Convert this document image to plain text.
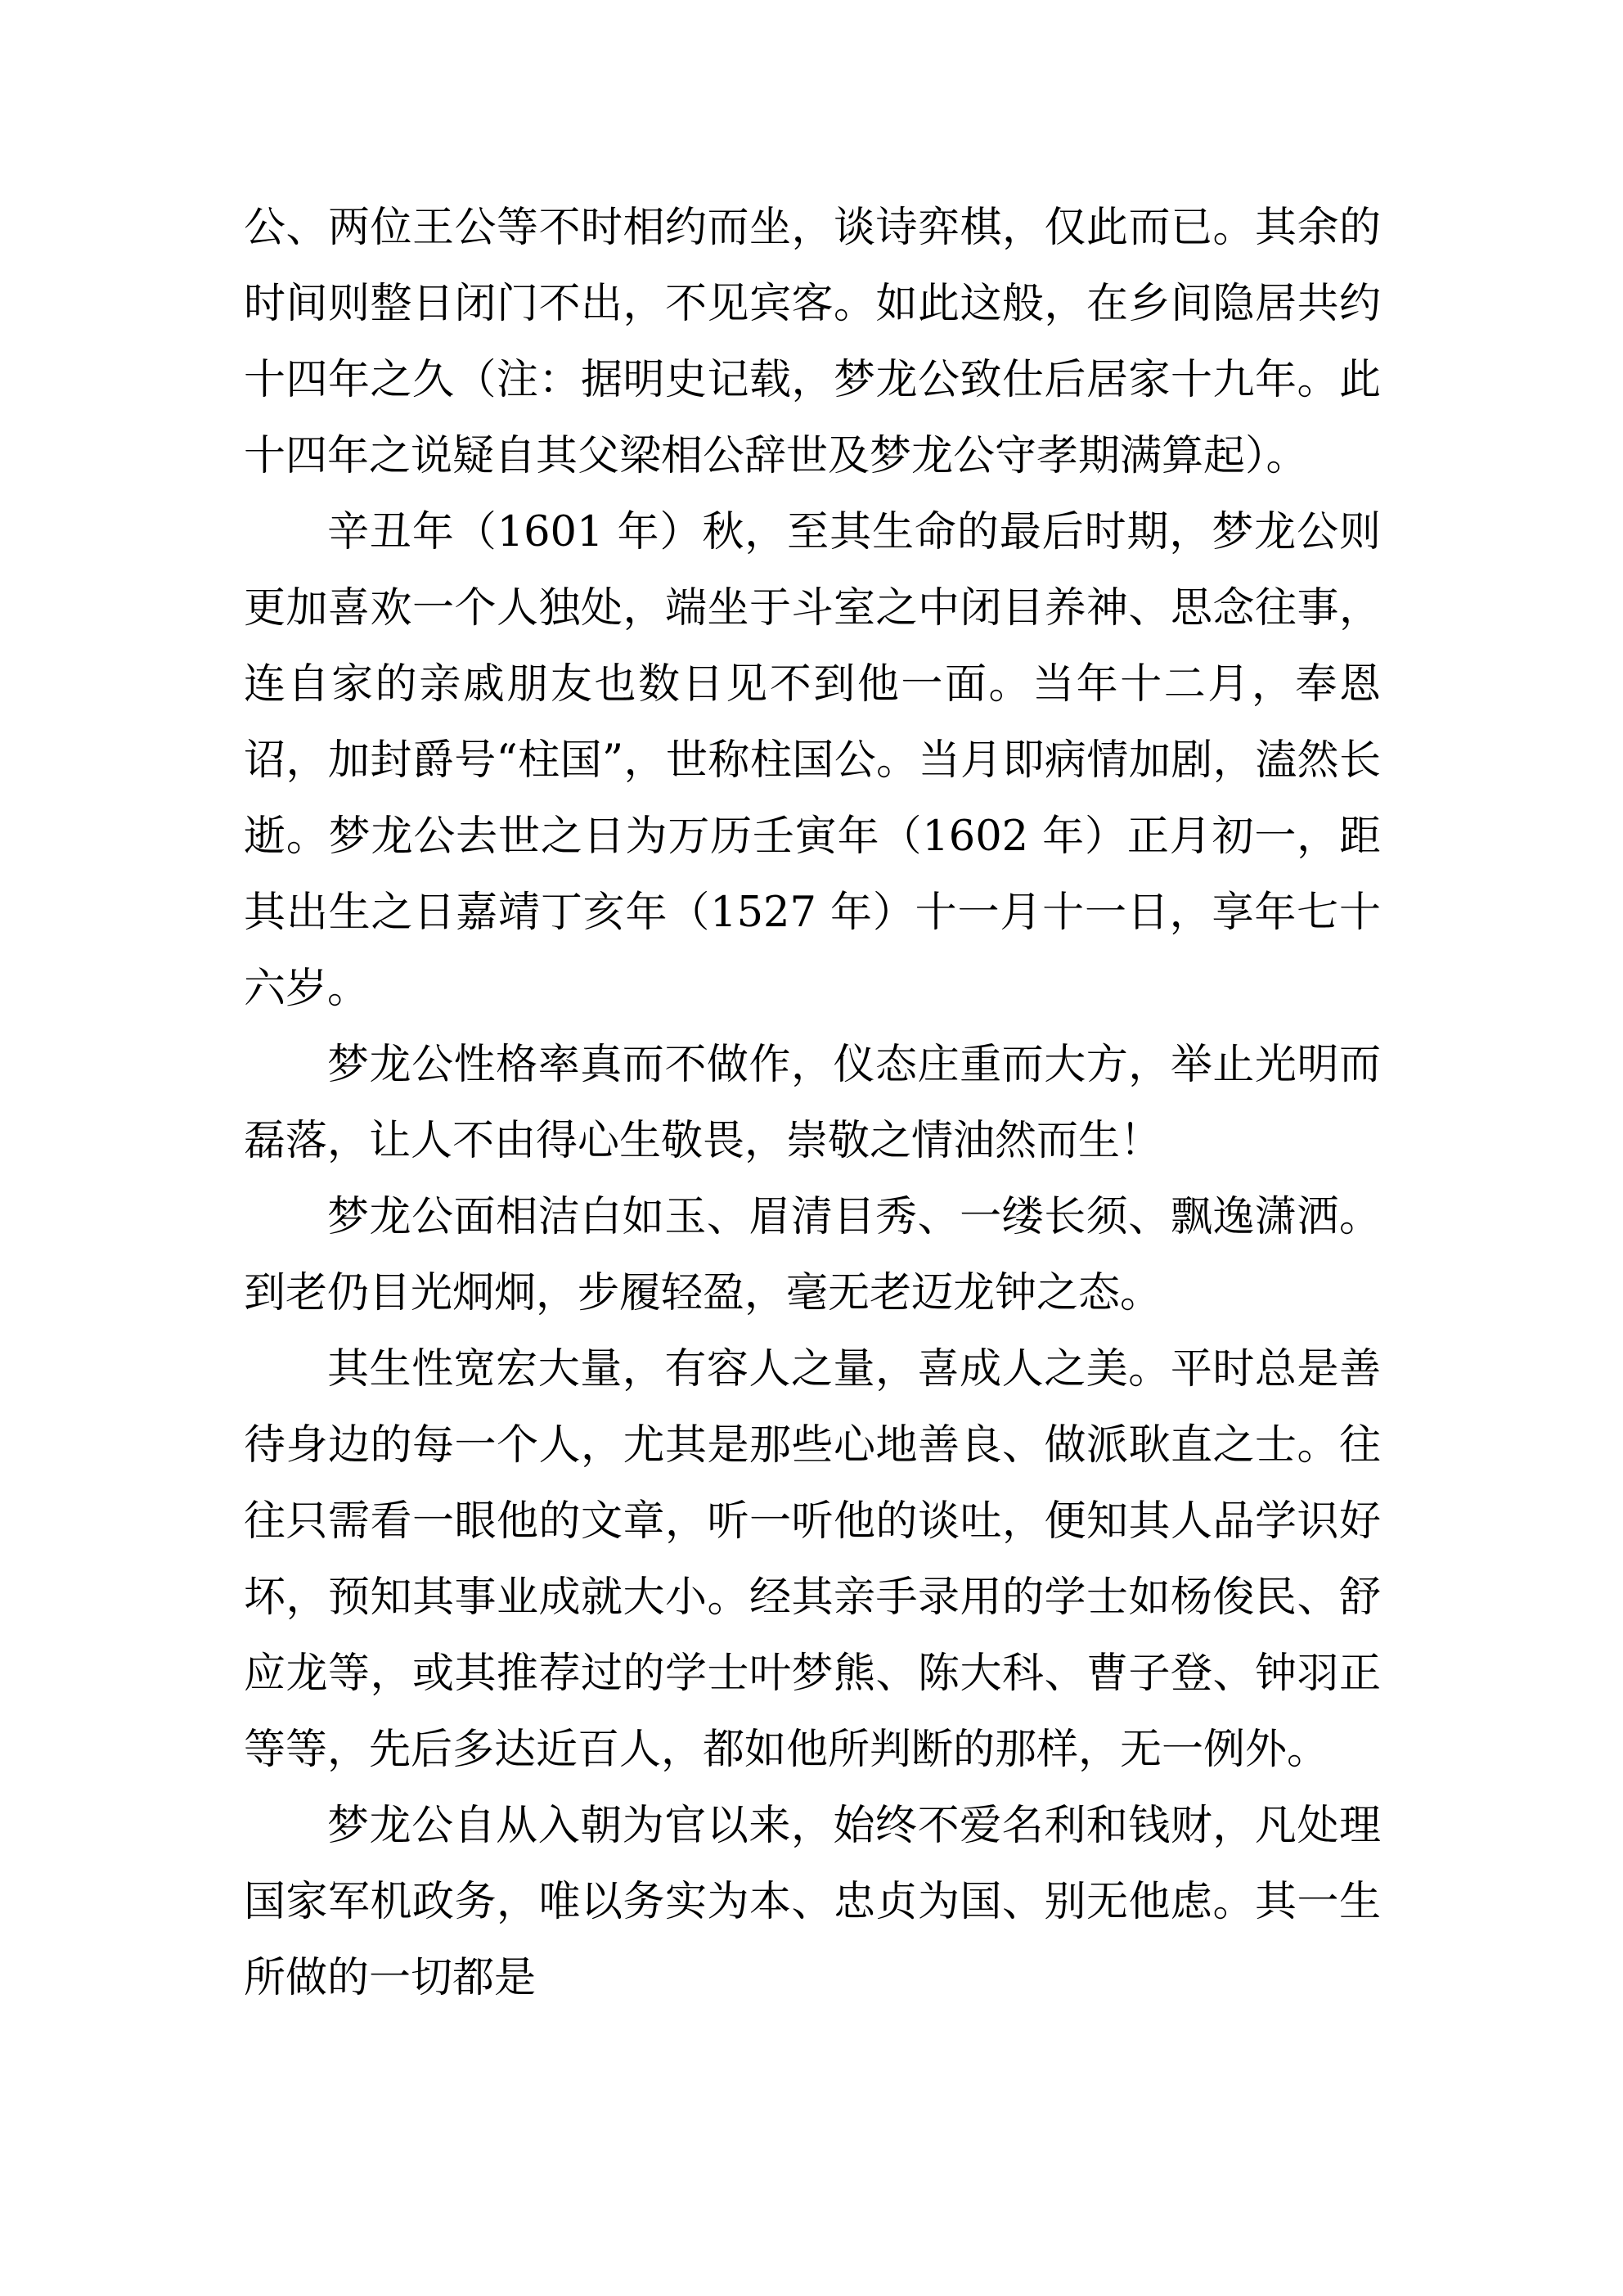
公、两位王公等不时相约而坐，谈诗弈棋，仅此而已。其余的时间则整日闭门不出，不见宾客。如此这般，在乡间隐居共约十四年之久（注：据明史记载，梦龙公致仕后居家十九年。此十四年之说疑自其父梁相公辞世及梦龙公守孝期满算起）。

辛丑年（1601 年）秋，至其生命的最后时期，梦龙公则更加喜欢一个人独处，端坐于斗室之中闭目养神、思念往事，连自家的亲戚朋友也数日见不到他一面。当年十二月，奉恩诏，加封爵号“柱国”，世称柱国公。当月即病情加剧，溘然长逝。梦龙公去世之日为万历壬寅年（1602 年）正月初一，距其出生之日嘉靖丁亥年（1527 年）十一月十一日，享年七十六岁。

梦龙公性格率真而不做作，仪态庄重而大方，举止光明而磊落，让人不由得心生敬畏，崇敬之情油然而生！

梦龙公面相洁白如玉、眉清目秀、一缕长须、飘逸潇洒。到老仍目光炯炯，步履轻盈，毫无老迈龙钟之态。

其生性宽宏大量，有容人之量，喜成人之美。平时总是善待身边的每一个人，尤其是那些心地善良、做派耿直之士。往往只需看一眼他的文章，听一听他的谈吐，便知其人品学识好坏，预知其事业成就大小。经其亲手录用的学士如杨俊民、舒应龙等，或其推荐过的学士叶梦熊、陈大科、曹子登、钟羽正等等，先后多达近百人，都如他所判断的那样，无一例外。

梦龙公自从入朝为官以来，始终不爱名利和钱财，凡处理国家军机政务，唯以务实为本、忠贞为国、别无他虑。其一生所做的一切都是
